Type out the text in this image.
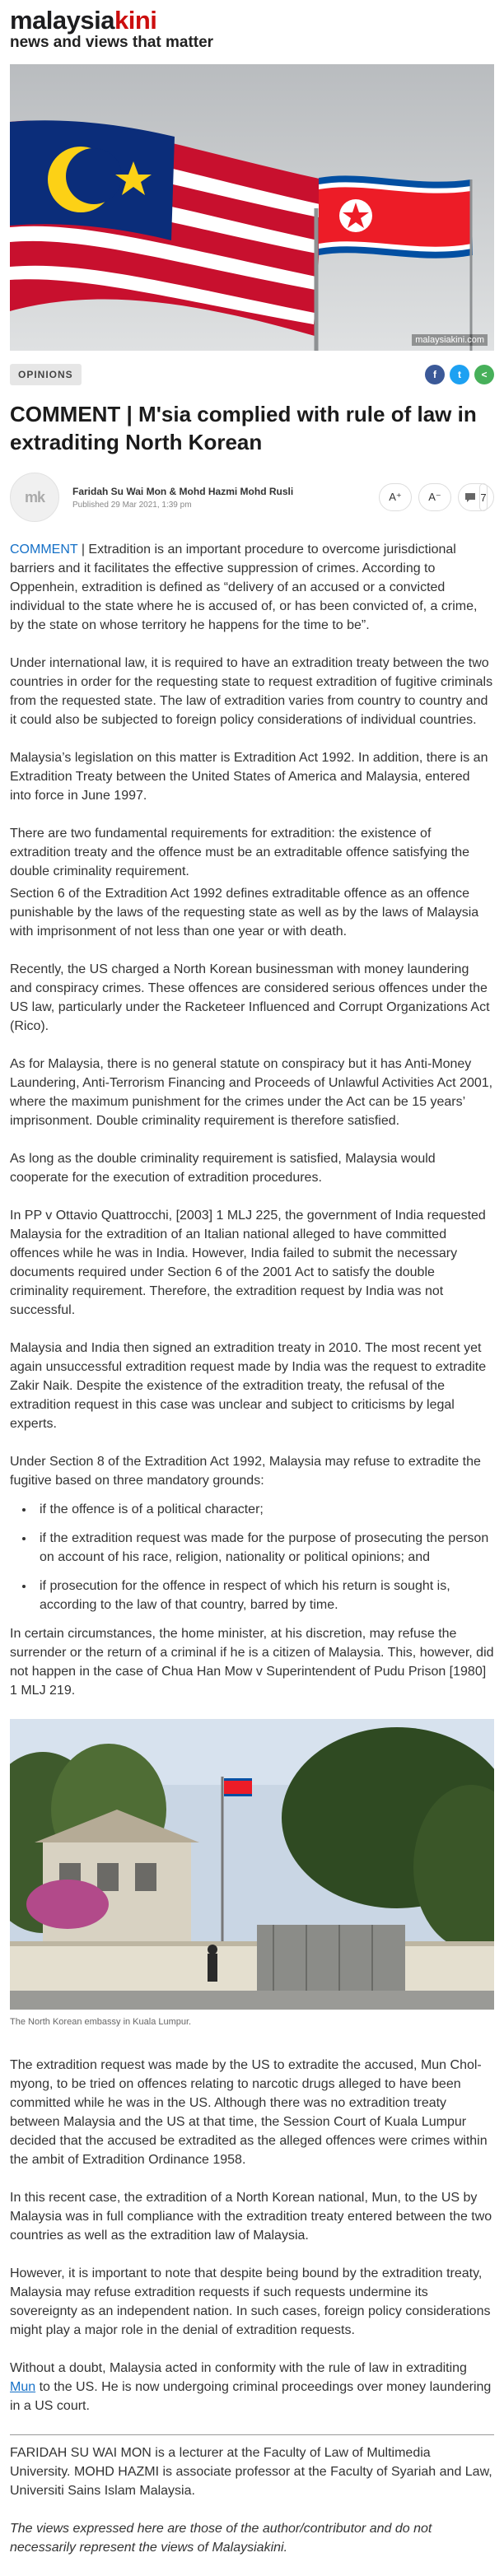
malaysiakini
news and views that matter
malaysiakini.com
OPINIONS	f	t	<
COMMENT | M'sia complied with rule of law in extraditing North Korean
mk	Faridah Su Wai Mon & Mohd Hazmi Mohd Rusli
Published 29 Mar 2021, 1:39 pm
A⁺	A⁻	7

COMMENT | Extradition is an important procedure to overcome jurisdictional barriers and it facilitates the effective suppression of crimes. According to Oppenhein, extradition is defined as “delivery of an accused or a convicted individual to the state where he is accused of, or has been convicted of, a crime, by the state on whose territory he happens for the time to be”.

Under international law, it is required to have an extradition treaty between the two countries in order for the requesting state to request extradition of fugitive criminals from the requested state. The law of extradition varies from country to country and it could also be subjected to foreign policy considerations of individual countries.

Malaysia’s legislation on this matter is Extradition Act 1992. In addition, there is an Extradition Treaty between the United States of America and Malaysia, entered into force in June 1997.

There are two fundamental requirements for extradition: the existence of extradition treaty and the offence must be an extraditable offence satisfying the double criminality requirement.

Section 6 of the Extradition Act 1992 defines extraditable offence as an offence punishable by the laws of the requesting state as well as by the laws of Malaysia with imprisonment of not less than one year or with death.

Recently, the US charged a North Korean businessman with money laundering and conspiracy crimes. These offences are considered serious offences under the US law, particularly under the Racketeer Influenced and Corrupt Organizations Act (Rico).

As for Malaysia, there is no general statute on conspiracy but it has Anti-Money Laundering, Anti-Terrorism Financing and Proceeds of Unlawful Activities Act 2001, where the maximum punishment for the crimes under the Act can be 15 years’ imprisonment. Double criminality requirement is therefore satisfied.

As long as the double criminality requirement is satisfied, Malaysia would cooperate for the execution of extradition procedures.

In PP v Ottavio Quattrocchi, [2003] 1 MLJ 225, the government of India requested Malaysia for the extradition of an Italian national alleged to have committed offences while he was in India. However, India failed to submit the necessary documents required under Section 6 of the 2001 Act to satisfy the double criminality requirement. Therefore, the extradition request by India was not successful.

Malaysia and India then signed an extradition treaty in 2010. The most recent yet again unsuccessful extradition request made by India was the request to extradite Zakir Naik. Despite the existence of the extradition treaty, the refusal of the extradition request in this case was unclear and subject to criticisms by legal experts.

Under Section 8 of the Extradition Act 1992, Malaysia may refuse to extradite the fugitive based on three mandatory grounds:

• if the offence is of a political character;
• if the extradition request was made for the purpose of prosecuting the person on account of his race, religion, nationality or political opinions; and
• if prosecution for the offence in respect of which his return is sought is, according to the law of that country, barred by time.

In certain circumstances, the home minister, at his discretion, may refuse the surrender or the return of a criminal if he is a citizen of Malaysia. This, however, did not happen in the case of Chua Han Mow v Superintendent of Pudu Prison [1980] 1 MLJ 219.

The North Korean embassy in Kuala Lumpur.

The extradition request was made by the US to extradite the accused, Mun Chol-myong, to be tried on offences relating to narcotic drugs alleged to have been committed while he was in the US. Although there was no extradition treaty between Malaysia and the US at that time, the Session Court of Kuala Lumpur decided that the accused be extradited as the alleged offences were crimes within the ambit of Extradition Ordinance 1958.

In this recent case, the extradition of a North Korean national, Mun, to the US by Malaysia was in full compliance with the extradition treaty entered between the two countries as well as the extradition law of Malaysia.

However, it is important to note that despite being bound by the extradition treaty, Malaysia may refuse extradition requests if such requests undermine its sovereignty as an independent nation. In such cases, foreign policy considerations might play a major role in the denial of extradition requests.

Without a doubt, Malaysia acted in conformity with the rule of law in extraditing Mun to the US. He is now undergoing criminal proceedings over money laundering in a US court.

FARIDAH SU WAI MON is a lecturer at the Faculty of Law of Multimedia University. MOHD HAZMI is associate professor at the Faculty of Syariah and Law, Universiti Sains Islam Malaysia.

The views expressed here are those of the author/contributor and do not necessarily represent the views of Malaysiakini.
